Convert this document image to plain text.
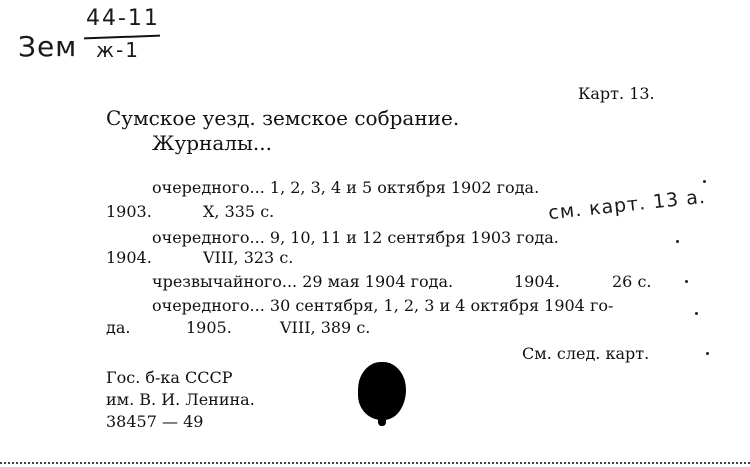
Зем
44-11
ж-1
Карт. 13.
Сумское уезд. земское собрание.
Журналы...
очередного... 1, 2, 3, 4 и 5 октября 1902 года.
1903.	X, 335 с.	см. карт. 13 а.
очередного... 9, 10, 11 и 12 сентября 1903 года.
1904.	VIII, 323 с.
чрезвычайного... 29 мая 1904 года.	1904.	26 с.
очередного... 30 сентября, 1, 2, 3 и 4 октября 1904 го-
да.	1905.	VIII, 389 с.
См. след. карт.
Гос. б-ка СССР
им. В. И. Ленина.
38457 — 49
